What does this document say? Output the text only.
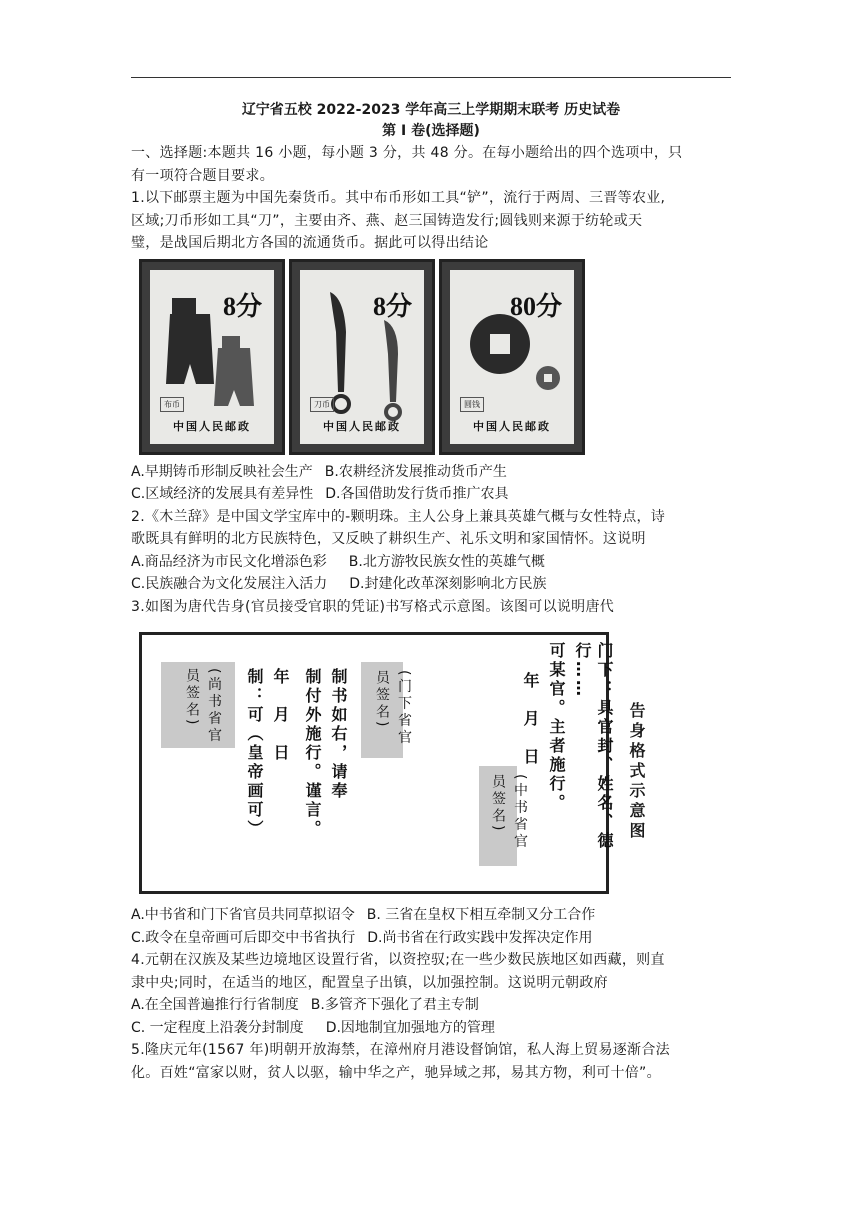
辽宁省五校 2022-2023 学年高三上学期期末联考 历史试卷

第 I 卷(选择题)

一、选择题:本题共 16 小题，每小题 3 分，共 48 分。在每小题给出的四个选项中，只
有一项符合题目要求。

1.以下邮票主题为中国先秦货币。其中布币形如工具“铲”，流行于两周、三晋等农业,
区域;刀币形如工具“刀”，主要由齐、燕、赵三国铸造发行;圆钱则来源于纺轮或天
璧，是战国后期北方各国的流通货币。据此可以得出结论

8分
布币
中国人民邮政
8分
刀币
中国人民邮政
80分
圆钱
中国人民邮政

A.早期铸币形制反映社会生产 B.农耕经济发展推动货币产生

C.区域经济的发展具有差异性 D.各国借助发行货币推广农具

2.《木兰辞》是中国文学宝库中的-颗明珠。主人公身上兼具英雄气概与女性特点，诗
歌既具有鲜明的北方民族特色，又反映了耕织生产、礼乐文明和家国情怀。这说明

A.商品经济为市民文化增添色彩 B.北方游牧民族女性的英雄气概

C.民族融合为文化发展注入活力 D.封建化改革深刻影响北方民族

3.如图为唐代告身(官员接受官职的凭证)书写格式示意图。该图可以说明唐代

门下：具官封、姓名、德行……
可某官。主者施行。
年　月　日
(中书省官员签名)
(门下省官员签名)
制书如右，请奉
制付外施行。谨言。
年　月　日
制：可（皇帝画可）
(尚书省官员签名)
告身格式示意图

A.中书省和门下省官员共同草拟诏令 B. 三省在皇权下相互牵制又分工合作

C.政令在皇帝画可后即交中书省执行 D.尚书省在行政实践中发挥决定作用

4.元朝在汉族及某些边境地区设置行省，以资控驭;在一些少数民族地区如西藏，则直
隶中央;同时，在适当的地区，配置皇子出镇，以加强控制。这说明元朝政府

A.在全国普遍推行行省制度 B.多管齐下强化了君主专制

C. 一定程度上沿袭分封制度 D.因地制宜加强地方的管理

5.隆庆元年(1567 年)明朝开放海禁，在漳州府月港设督饷馆，私人海上贸易逐渐合法
化。百姓“富家以财，贫人以驱，输中华之产，驰异域之邦，易其方物，利可十倍”。
